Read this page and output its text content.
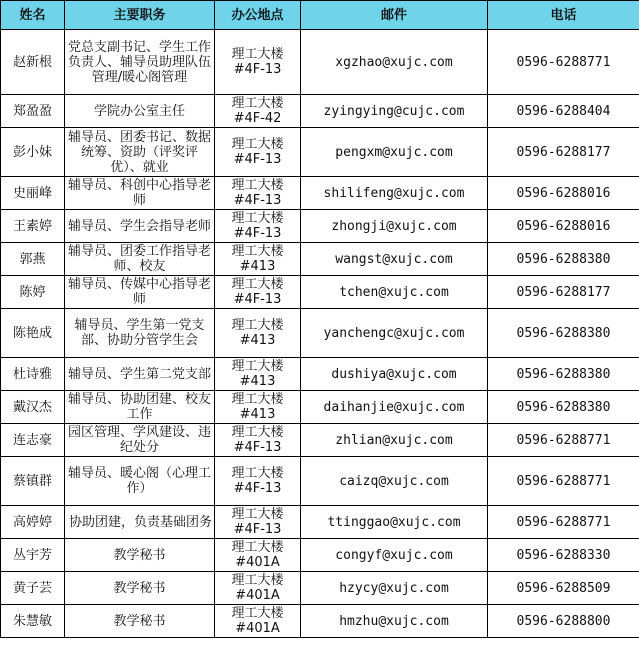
姓名	主要职务	办公地点	邮件	电话
赵新根	党总支副书记、学生工作负责人、辅导员助理队伍管理/暖心阁管理	理工大楼
#4F-13	xgzhao@xujc.com	0596-6288771
郑盈盈	学院办公室主任	理工大楼
#4F-42	zyingying@cujc.com	0596-6288404
彭小妹	辅导员、团委书记、数据统筹、资助（评奖评优）、就业	理工大楼
#4F-13	pengxm@xujc.com	0596-6288177
史丽峰	辅导员、科创中心指导老师	理工大楼
#4F-13	shilifeng@xujc.com	0596-6288016
王素婷	辅导员、学生会指导老师	理工大楼
#4F-13	zhongji@xujc.com	0596-6288016
郭燕	辅导员、团委工作指导老师、校友	理工大楼
#413	wangst@xujc.com	0596-6288380
陈婷	辅导员、传媒中心指导老师	理工大楼
#4F-13	tchen@xujc.com	0596-6288177
陈艳成	辅导员、学生第一党支部、协助分管学生会	理工大楼
#413	yanchengc@xujc.com	0596-6288380
杜诗雅	辅导员、学生第二党支部	理工大楼
#413	dushiya@xujc.com	0596-6288380
戴汉杰	辅导员、协助团建、校友工作	理工大楼
#413	daihanjie@xujc.com	0596-6288380
连志豪	园区管理、学风建设、违纪处分	理工大楼
#4F-13	zhlian@xujc.com	0596-6288771
蔡镇群	辅导员、暖心阁（心理工作）	理工大楼
#4F-13	caizq@xujc.com	0596-6288771
高婷婷	协助团建，负责基础团务	理工大楼
#4F-13	ttinggao@xujc.com	0596-6288771
丛宇芳	教学秘书	理工大楼
#401A	congyf@xujc.com	0596-6288330
黄子芸	教学秘书	理工大楼
#401A	hzycy@xujc.com	0596-6288509
朱慧敏	教学秘书	理工大楼
#401A	hmzhu@xujc.com	0596-6288800
